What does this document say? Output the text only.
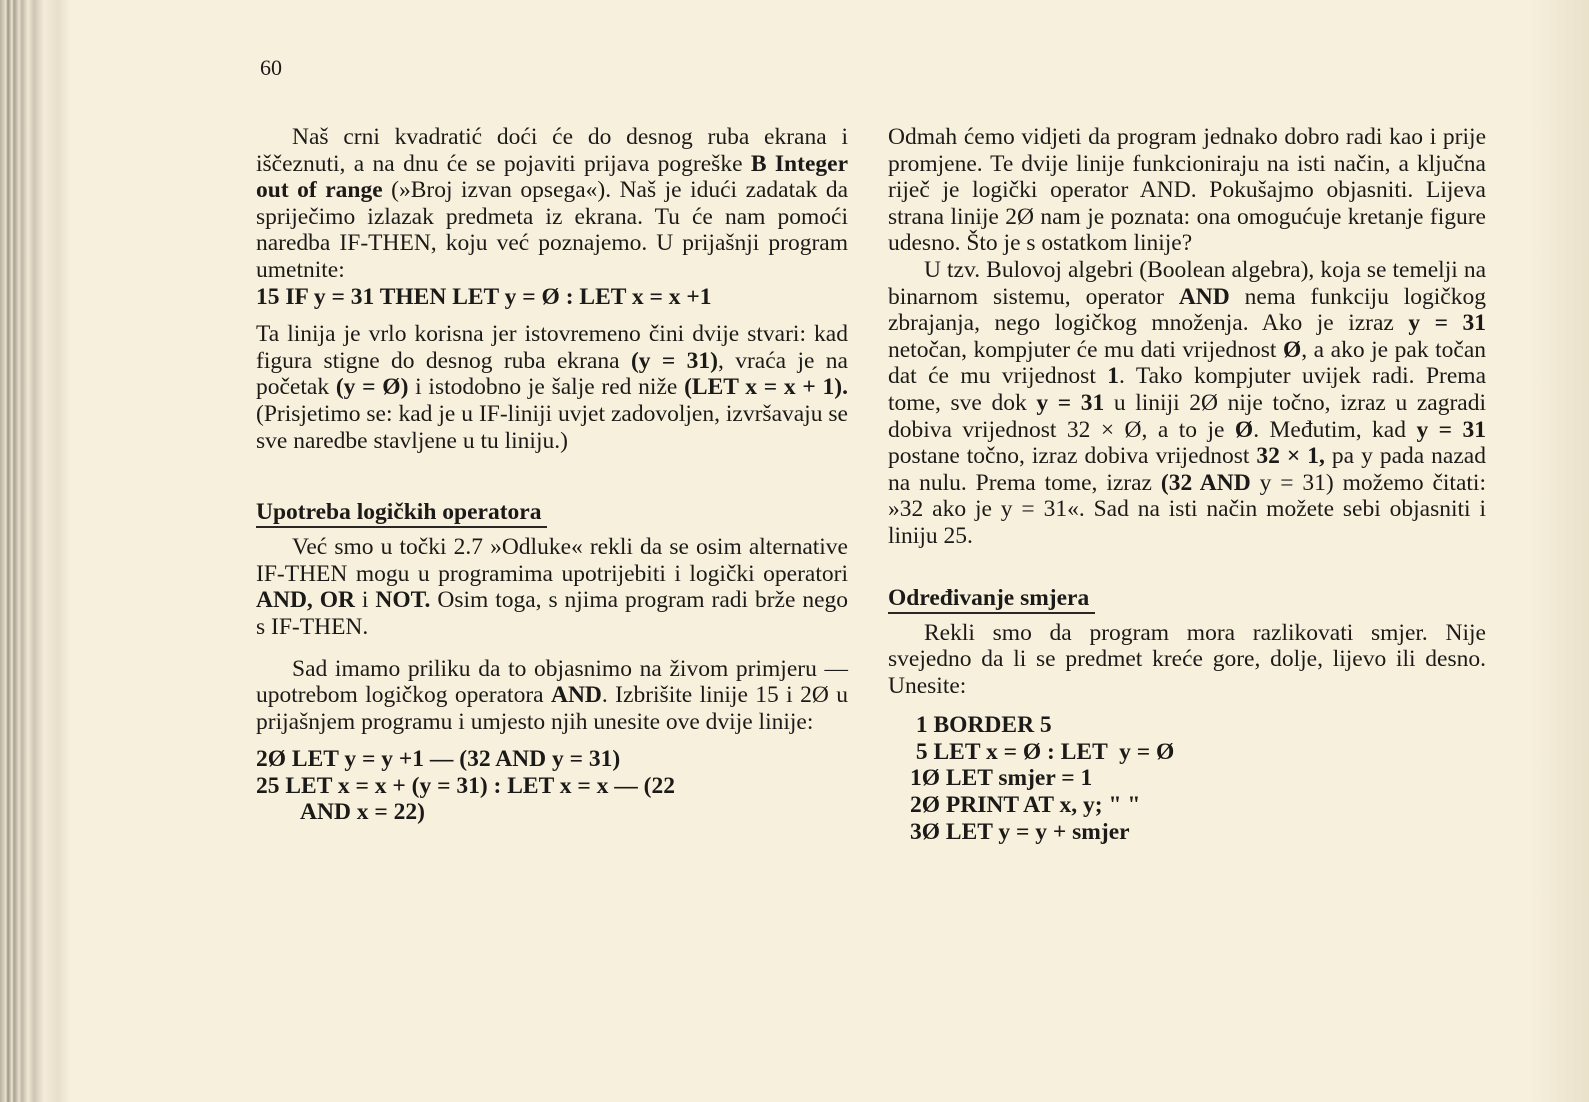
60

Naš crni kvadratić doći će do desnog ruba ekrana i iščeznuti, a na dnu će se pojaviti prijava pogreške B Integer out of range (»Broj izvan opsega«). Naš je idući zadatak da spriječimo izlazak predmeta iz ekrana. Tu će nam pomoći naredba IF-THEN, koju već poznajemo. U prijašnji program umetnite:

15 IF y = 31 THEN LET y = Ø : LET x = x +1

Ta linija je vrlo korisna jer istovremeno čini dvije stvari: kad figura stigne do desnog ruba ekrana (y = 31), vraća je na početak (y = Ø) i istodobno je šalje red niže (LET x = x + 1). (Prisjetimo se: kad je u IF-liniji uvjet zadovoljen, izvršavaju se sve naredbe stavljene u tu liniju.)

Upotreba logičkih operatora

Već smo u točki 2.7 »Odluke« rekli da se osim alternative IF-THEN mogu u programima upotrijebiti i logički operatori AND, OR i NOT. Osim toga, s njima program radi brže nego s IF-THEN.

Sad imamo priliku da to objasnimo na živom primjeru — upotrebom logičkog operatora AND. Izbrišite linije 15 i 2Ø u prijašnjem programu i umjesto njih unesite ove dvije linije:

2Ø LET y = y +1 — (32 AND y = 31)

25 LET x = x + (y = 31) : LET x = x — (22

AND x = 22)

Odmah ćemo vidjeti da program jednako dobro radi kao i prije promjene. Te dvije linije funkcioniraju na isti način, a ključna riječ je logički operator AND. Pokušajmo objasniti. Lijeva strana linije 2Ø nam je poznata: ona omogućuje kretanje figure udesno. Što je s ostatkom linije?

U tzv. Bulovoj algebri (Boolean algebra), koja se temelji na binarnom sistemu, operator AND nema funkciju logičkog zbrajanja, nego logičkog množenja. Ako je izraz y = 31 netočan, kompjuter će mu dati vrijednost Ø, a ako je pak točan dat će mu vrijednost 1. Tako kompjuter uvijek radi. Prema tome, sve dok y = 31 u liniji 2Ø nije točno, izraz u zagradi dobiva vrijednost 32 × Ø, a to je Ø. Međutim, kad y = 31 postane točno, izraz dobiva vrijednost 32 × 1, pa y pada nazad na nulu. Prema tome, izraz (32 AND y = 31) možemo čitati: »32 ako je y = 31«. Sad na isti način možete sebi objasniti i liniju 25.

Određivanje smjera

Rekli smo da program mora razlikovati smjer. Nije svejedno da li se predmet kreće gore, dolje, lijevo ili desno. Unesite:

1 BORDER 5

5 LET x = Ø : LET  y = Ø

1Ø LET smjer = 1

2Ø PRINT AT x, y; " "

3Ø LET y = y + smjer
